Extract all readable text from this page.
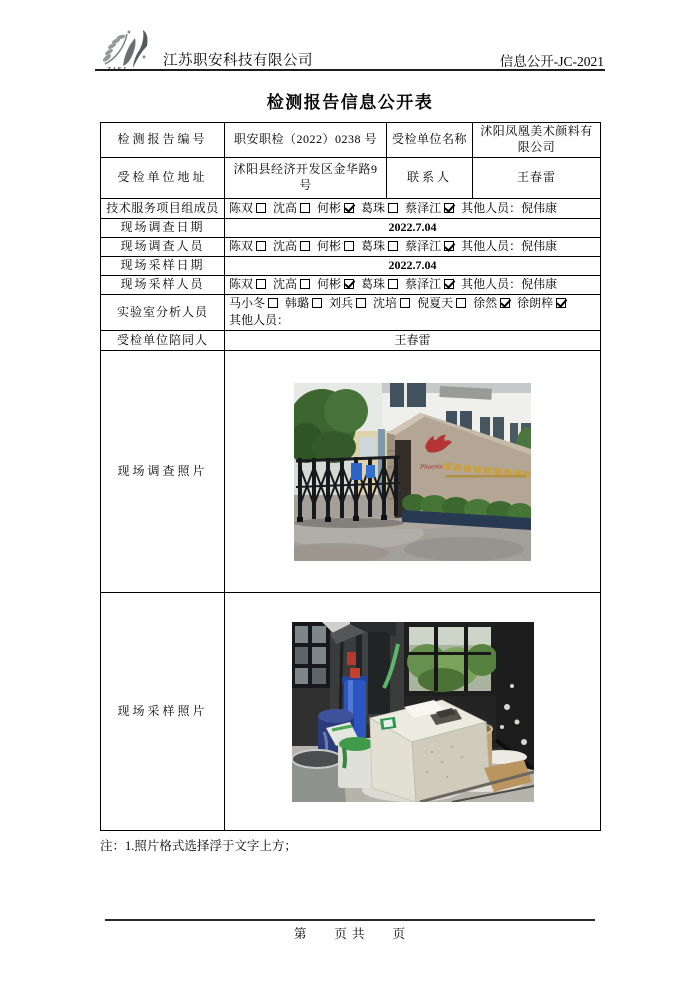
江苏职安科技有限公司	信息公开-JC-2021
检测报告信息公开表
检测报告编号	职安职检（2022）0238 号	受检单位名称	沭阳凤凰美术颜料有限公司
受检单位地址	沭阳县经济开发区金华路9号	联系人	王春雷
技术服务项目组成员	陈双 沈高 何彬 葛珠 蔡泽江 其他人员：倪伟康		

现场调查日期	2022.7.04		
现场调查人员	陈双 沈高 何彬 葛珠 蔡泽江 其他人员：倪伟康		

现场采样日期	2022.7.04		
现场采样人员	陈双 沈高 何彬 葛珠 蔡泽江 其他人员：倪伟康		

实验室分析人员	马小冬 韩璐 刘兵 沈培 倪夏天 徐然 徐朗梓
其他人员：		

受检单位陪同人	王春雷		
现场调查照片	Phoenix		

现场采样照片	
注：1.照片格式选择浮于文字上方；
第　　页 共　　页
